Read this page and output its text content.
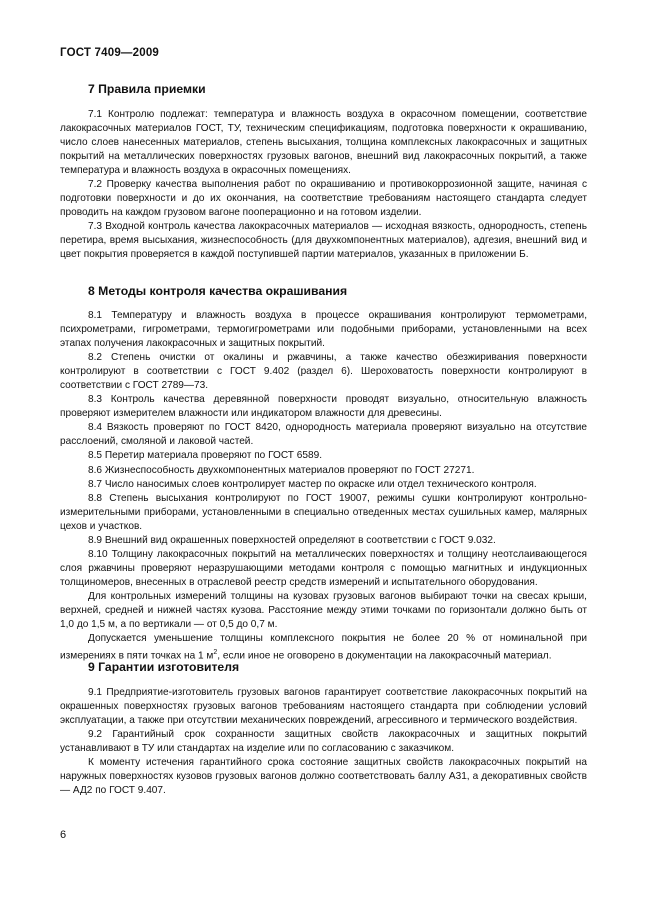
ГОСТ 7409—2009
7 Правила приемки

7.1 Контролю подлежат: температура и влажность воздуха в окрасочном помещении, соответствие лакокрасочных материалов ГОСТ, ТУ, техническим спецификациям, подготовка поверхности к окрашиванию, число слоев нанесенных материалов, степень высыхания, толщина комплексных лакокрасочных и защитных покрытий на металлических поверхностях грузовых вагонов, внешний вид лакокрасочных покрытий, а также температура и влажность воздуха в окрасочных помещениях.

7.2 Проверку качества выполнения работ по окрашиванию и противокоррозионной защите, начиная с подготовки поверхности и до их окончания, на соответствие требованиям настоящего стандарта следует проводить на каждом грузовом вагоне пооперационно и на готовом изделии.

7.3 Входной контроль качества лакокрасочных материалов — исходная вязкость, однородность, степень перетира, время высыхания, жизнеспособность (для двухкомпонентных материалов), адгезия, внешний вид и цвет покрытия проверяется в каждой поступившей партии материалов, указанных в приложении Б.

8 Методы контроля качества окрашивания

8.1 Температуру и влажность воздуха в процессе окрашивания контролируют термометрами, психрометрами, гигрометрами, термогигрометрами или подобными приборами, установленными на всех этапах получения лакокрасочных и защитных покрытий.

8.2 Степень очистки от окалины и ржавчины, а также качество обезжиривания поверхности контролируют в соответствии с ГОСТ 9.402 (раздел 6). Шероховатость поверхности контролируют в соответствии с ГОСТ 2789—73.

8.3 Контроль качества деревянной поверхности проводят визуально, относительную влажность проверяют измерителем влажности или индикатором влажности для древесины.

8.4 Вязкость проверяют по ГОСТ 8420, однородность материала проверяют визуально на отсутствие расслоений, смоляной и лаковой частей.

8.5 Перетир материала проверяют по ГОСТ 6589.

8.6 Жизнеспособность двухкомпонентных материалов проверяют по ГОСТ 27271.

8.7 Число наносимых слоев контролирует мастер по окраске или отдел технического контроля.

8.8 Степень высыхания контролируют по ГОСТ 19007, режимы сушки контролируют контрольно-измерительными приборами, установленными в специально отведенных местах сушильных камер, малярных цехов и участков.

8.9 Внешний вид окрашенных поверхностей определяют в соответствии с ГОСТ 9.032.

8.10 Толщину лакокрасочных покрытий на металлических поверхностях и толщину неотслаивающегося слоя ржавчины проверяют неразрушающими методами контроля с помощью магнитных и индукционных толщиномеров, внесенных в отраслевой реестр средств измерений и испытательного оборудования.

Для контрольных измерений толщины на кузовах грузовых вагонов выбирают точки на свесах крыши, верхней, средней и нижней частях кузова. Расстояние между этими точками по горизонтали должно быть от 1,0 до 1,5 м, а по вертикали — от 0,5 до 0,7 м.

Допускается уменьшение толщины комплексного покрытия не более 20 % от номинальной при измерениях в пяти точках на 1 $м^2$, если иное не оговорено в документации на лакокрасочный материал.

9 Гарантии изготовителя

9.1 Предприятие-изготовитель грузовых вагонов гарантирует соответствие лакокрасочных покрытий на окрашенных поверхностях грузовых вагонов требованиям настоящего стандарта при соблюдении условий эксплуатации, а также при отсутствии механических повреждений, агрессивного и термического воздействия.

9.2 Гарантийный срок сохранности защитных свойств лакокрасочных и защитных покрытий устанавливают в ТУ или стандартах на изделие или по согласованию с заказчиком.

К моменту истечения гарантийного срока состояние защитных свойств лакокрасочных покрытий на наружных поверхностях кузовов грузовых вагонов должно соответствовать баллу А31, а декоративных свойств — АД2 по ГОСТ 9.407.

6
